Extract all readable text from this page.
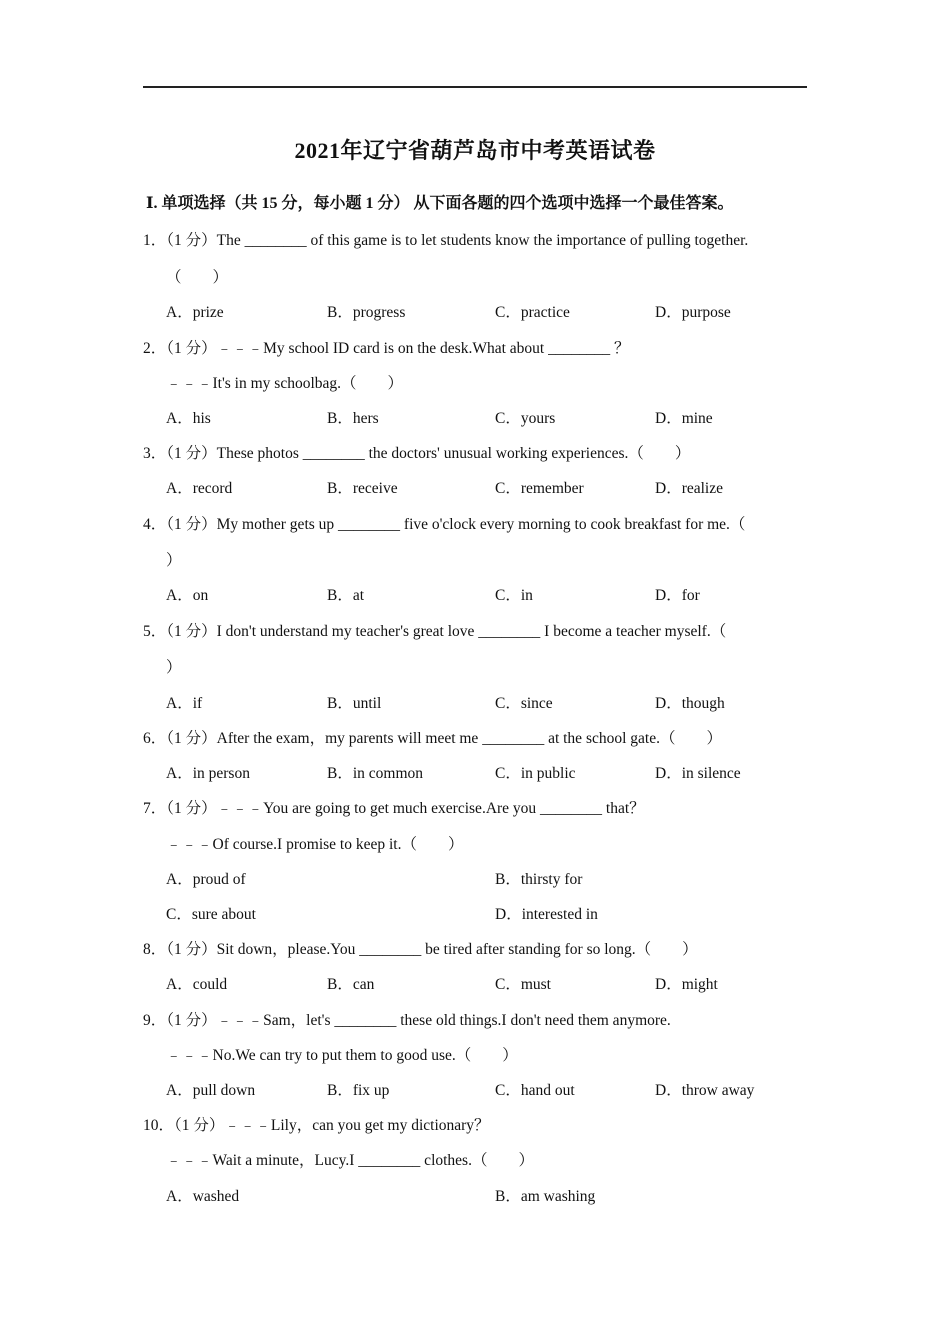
2021年辽宁省葫芦岛市中考英语试卷
Ⅰ. 单项选择（共 15 分，每小题 1 分） 从下面各题的四个选项中选择一个最佳答案。
1．（1 分）The ________ of this game is to let students know the importance of pulling together.
（　　）
A．prize	B．progress	C．practice	D．purpose
2．（1 分）﹣﹣﹣My school ID card is on the desk.What about ________ ？
﹣﹣﹣It's in my schoolbag.（　　）
A．his	B．hers	C．yours	D．mine
3．（1 分）These photos ________ the doctors' unusual working experiences.（　　）
A．record	B．receive	C．remember	D．realize
4．（1 分）My mother gets up ________ five o'clock every morning to cook breakfast for me.（
）
A．on	B．at	C．in	D．for
5．（1 分）I don't understand my teacher's great love ________ I become a teacher myself.（
）
A．if	B．until	C．since	D．though
6．（1 分）After the exam，my parents will meet me ________ at the school gate.（　　）
A．in person	B．in common	C．in public	D．in silence
7．（1 分）﹣﹣﹣You are going to get much exercise.Are you ________ that？
﹣﹣﹣Of course.I promise to keep it.（　　）
A．proud of	B．thirsty for
C．sure about	D．interested in
8．（1 分）Sit down，please.You ________ be tired after standing for so long.（　　）
A．could	B．can	C．must	D．might
9．（1 分）﹣﹣﹣Sam，let's ________ these old things.I don't need them anymore.
﹣﹣﹣No.We can try to put them to good use.（　　）
A．pull down	B．fix up	C．hand out	D．throw away
10．（1 分）﹣﹣﹣Lily，can you get my dictionary？
﹣﹣﹣Wait a minute，Lucy.I ________ clothes.（　　）
A．washed	B．am washing
